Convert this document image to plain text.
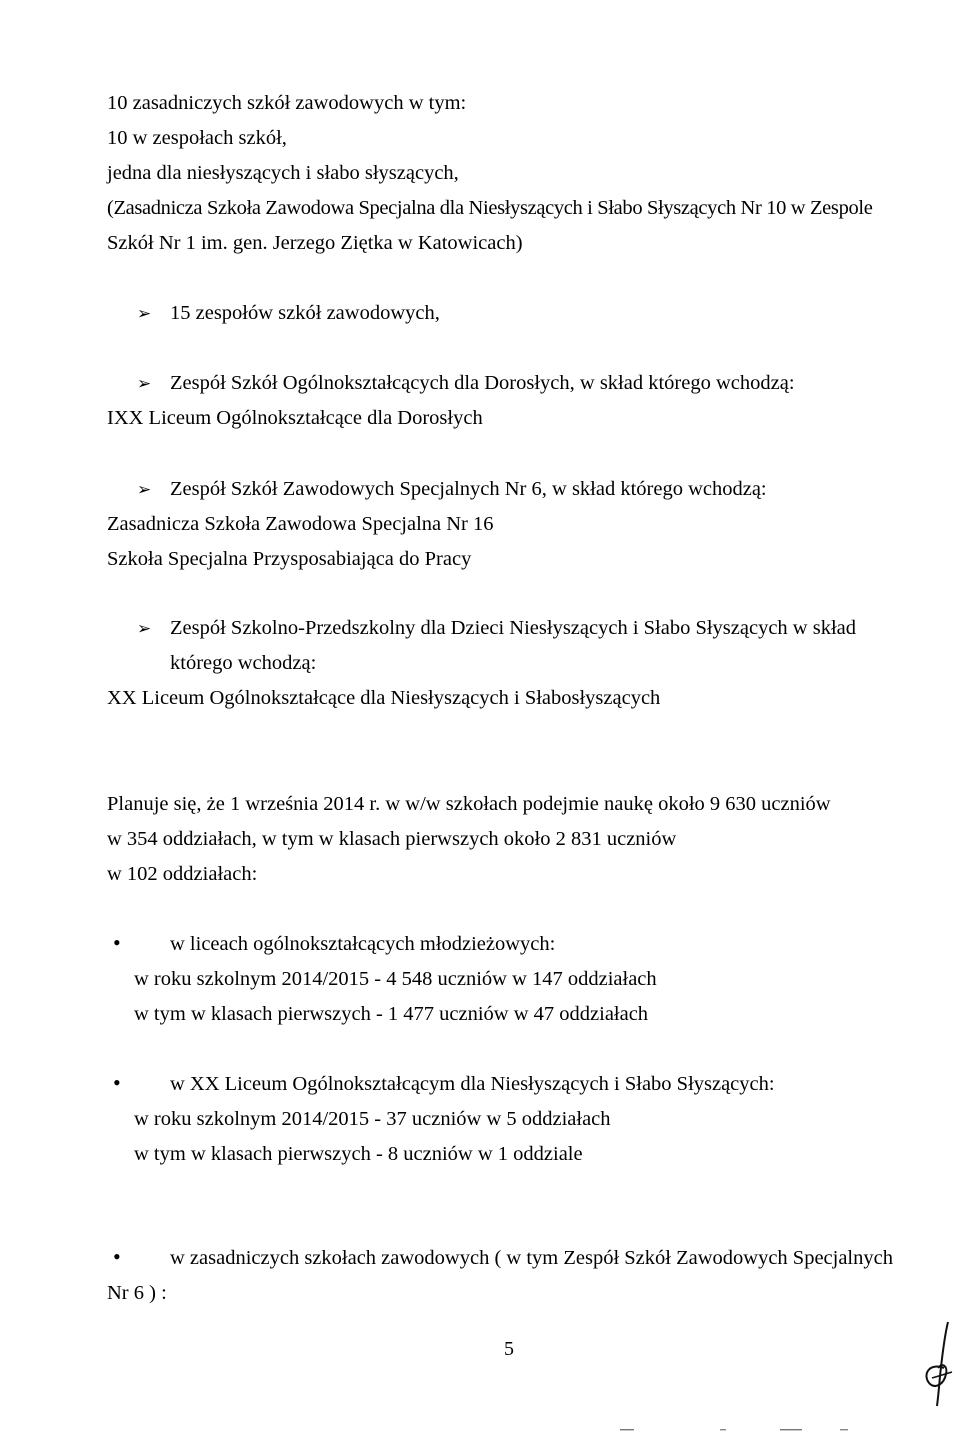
10 zasadniczych szkół zawodowych w tym:
10 w zespołach szkół,
jedna dla niesłyszących i słabo słyszących,
(Zasadnicza Szkoła Zawodowa Specjalna dla Niesłyszących i Słabo Słyszących Nr 10 w Zespole
Szkół Nr 1 im. gen. Jerzego Ziętka w Katowicach)
➢ 15 zespołów szkół zawodowych,
➢ Zespół Szkół Ogólnokształcących dla Dorosłych, w skład którego wchodzą:
IXX Liceum Ogólnokształcące dla Dorosłych
➢ Zespół Szkół Zawodowych Specjalnych Nr 6, w skład którego wchodzą:
Zasadnicza Szkoła Zawodowa Specjalna Nr 16
Szkoła Specjalna Przysposabiająca do Pracy
➢ Zespół Szkolno-Przedszkolny dla Dzieci Niesłyszących i Słabo Słyszących w skład
którego wchodzą:
XX Liceum Ogólnokształcące dla Niesłyszących i Słabosłyszących
Planuje się, że 1 września 2014 r. w w/w szkołach podejmie naukę około 9 630 uczniów
w 354 oddziałach, w tym w klasach pierwszych około 2 831 uczniów
w 102 oddziałach:
• w liceach ogólnokształcących młodzieżowych:
w roku szkolnym 2014/2015 - 4 548 uczniów w 147 oddziałach
w tym w klasach pierwszych - 1 477 uczniów w 47 oddziałach
• w XX Liceum Ogólnokształcącym dla Niesłyszących i Słabo Słyszących:
w roku szkolnym 2014/2015 - 37 uczniów w 5 oddziałach
w tym w klasach pierwszych - 8 uczniów w 1 oddziale
• w zasadniczych szkołach zawodowych ( w tym Zespół Szkół Zawodowych Specjalnych
Nr 6 ) :
5
